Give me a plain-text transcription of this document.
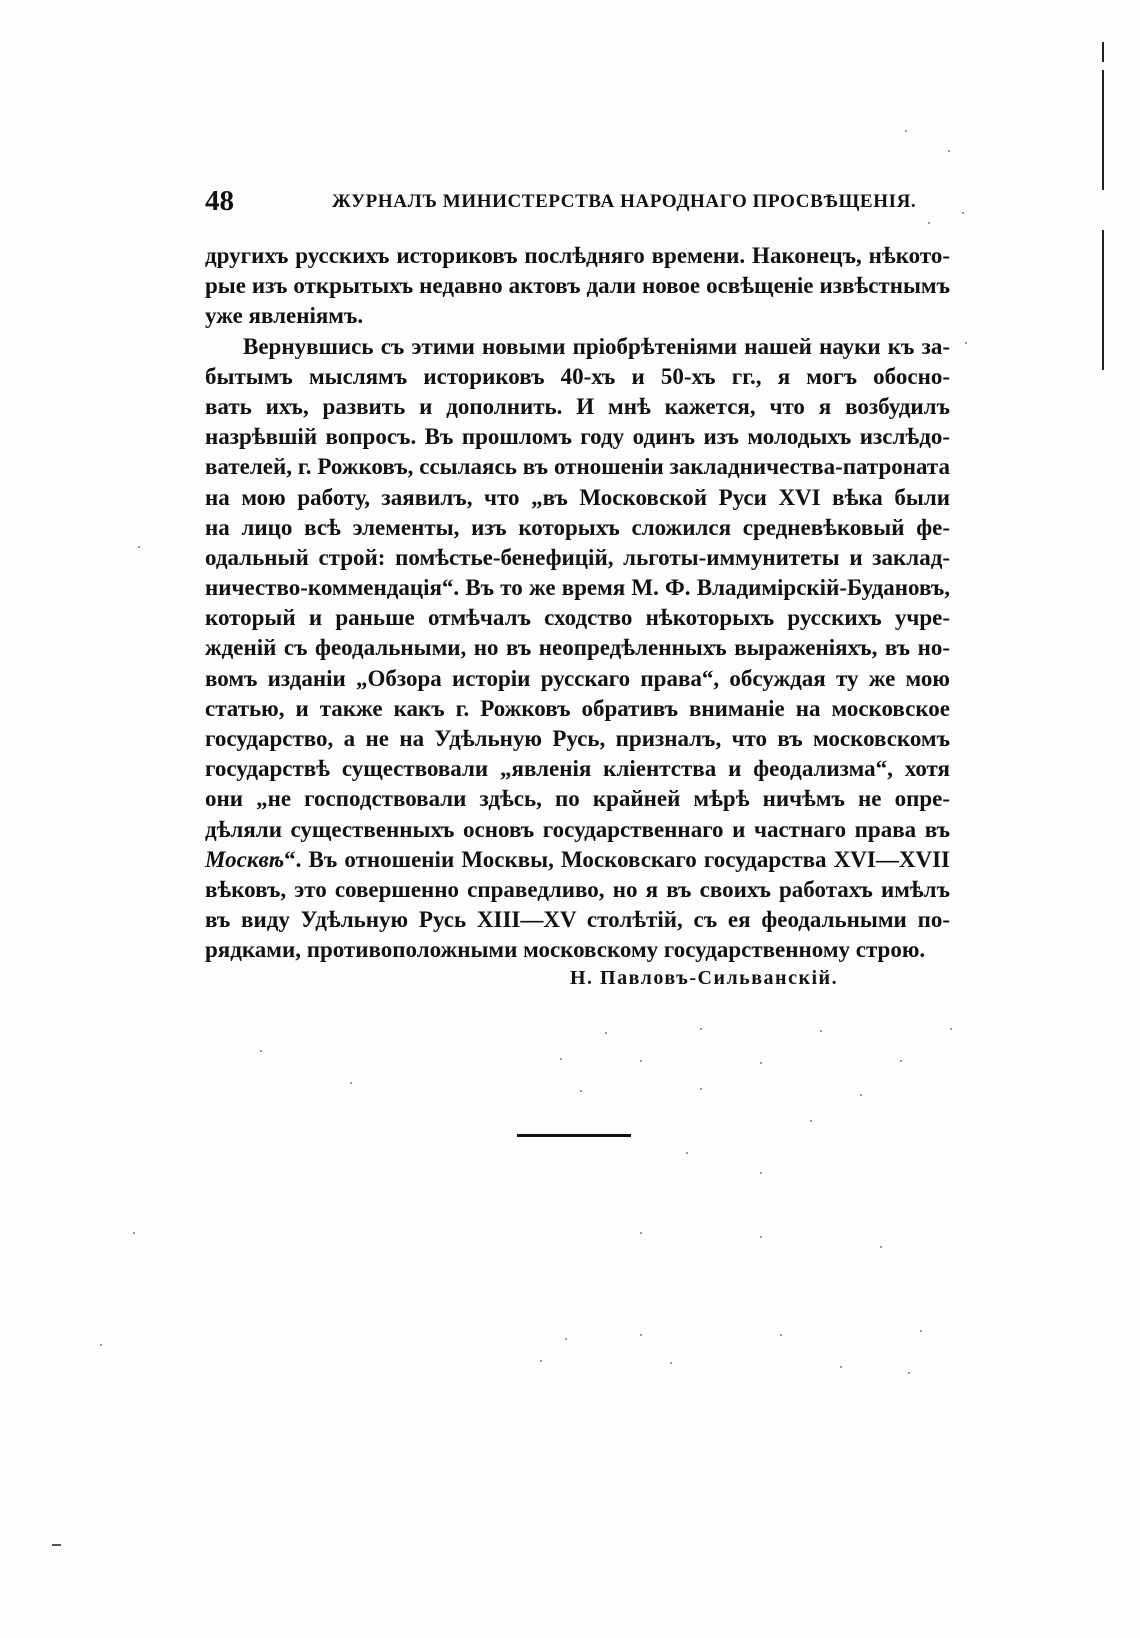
48	ЖУРНАЛЪ МИНИСТЕРСТВА НАРОДНАГО ПРОСВѢЩЕНІЯ.
другихъ русскихъ историковъ послѣдняго времени. Наконецъ, нѣкото-
рые изъ открытыхъ недавно актовъ дали новое освѣщеніе извѣстнымъ
уже явленіямъ.
Вернувшись съ этими новыми пріобрѣтеніями нашей науки къ за-
бытымъ мыслямъ историковъ 40-хъ и 50-хъ гг., я могъ обосно-
вать ихъ, развить и дополнить. И мнѣ кажется, что я возбудилъ
назрѣвшій вопросъ. Въ прошломъ году одинъ изъ молодыхъ изслѣдо-
вателей, г. Рожковъ, ссылаясь въ отношеніи закладничества-патроната
на мою работу, заявилъ, что „въ Московской Руси XVI вѣка были
на лицо всѣ элементы, изъ которыхъ сложился средневѣковый фе-
одальный строй: помѣстье-бенефицій, льготы-иммунитеты и заклад-
ничество-коммендація“. Въ то же время М. Ф. Владимірскій-Будановъ,
который и раньше отмѣчалъ сходство нѣкоторыхъ русскихъ учре-
жденій съ феодальными, но въ неопредѣленныхъ выраженіяхъ, въ но-
вомъ изданіи „Обзора исторіи русскаго права“, обсуждая ту же мою
статью, и также какъ г. Рожковъ обративъ вниманіе на московское
государство, а не на Удѣльную Русь, призналъ, что въ московскомъ
государствѣ существовали „явленія кліентства и феодализма“, хотя
они „не господствовали здѣсь, по крайней мѣрѣ ничѣмъ не опре-
дѣляли существенныхъ основъ государственнаго и частнаго права въ
Москвѣ“. Въ отношеніи Москвы, Московскаго государства XVI—XVII
вѣковъ, это совершенно справедливо, но я въ своихъ работахъ имѣлъ
въ виду Удѣльную Русь XIII—XV столѣтій, съ ея феодальными по-
рядками, противоположными московскому государственному строю.
Н. Павловъ-Сильванскій.
